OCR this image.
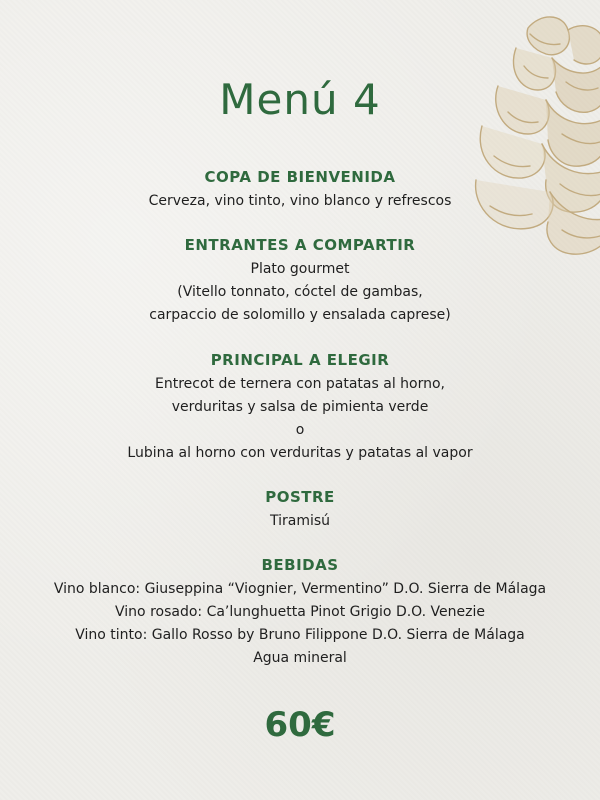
Menú 4
COPA DE BIENVENIDA
Cerveza, vino tinto, vino blanco y refrescos
ENTRANTES A COMPARTIR
Plato gourmet
(Vitello tonnato, cóctel de gambas,
carpaccio de solomillo y ensalada caprese)
PRINCIPAL A ELEGIR
Entrecot de ternera con patatas al horno,
verduritas y salsa de pimienta verde
o
Lubina al horno con verduritas y patatas al vapor
POSTRE
Tiramisú
BEBIDAS
Vino blanco: Giuseppina “Viognier, Vermentino” D.O. Sierra de Málaga
Vino rosado: Ca’lunghuetta Pinot Grigio D.O. Venezie
Vino tinto: Gallo Rosso by Bruno Filippone D.O. Sierra de Málaga
Agua mineral
60€
